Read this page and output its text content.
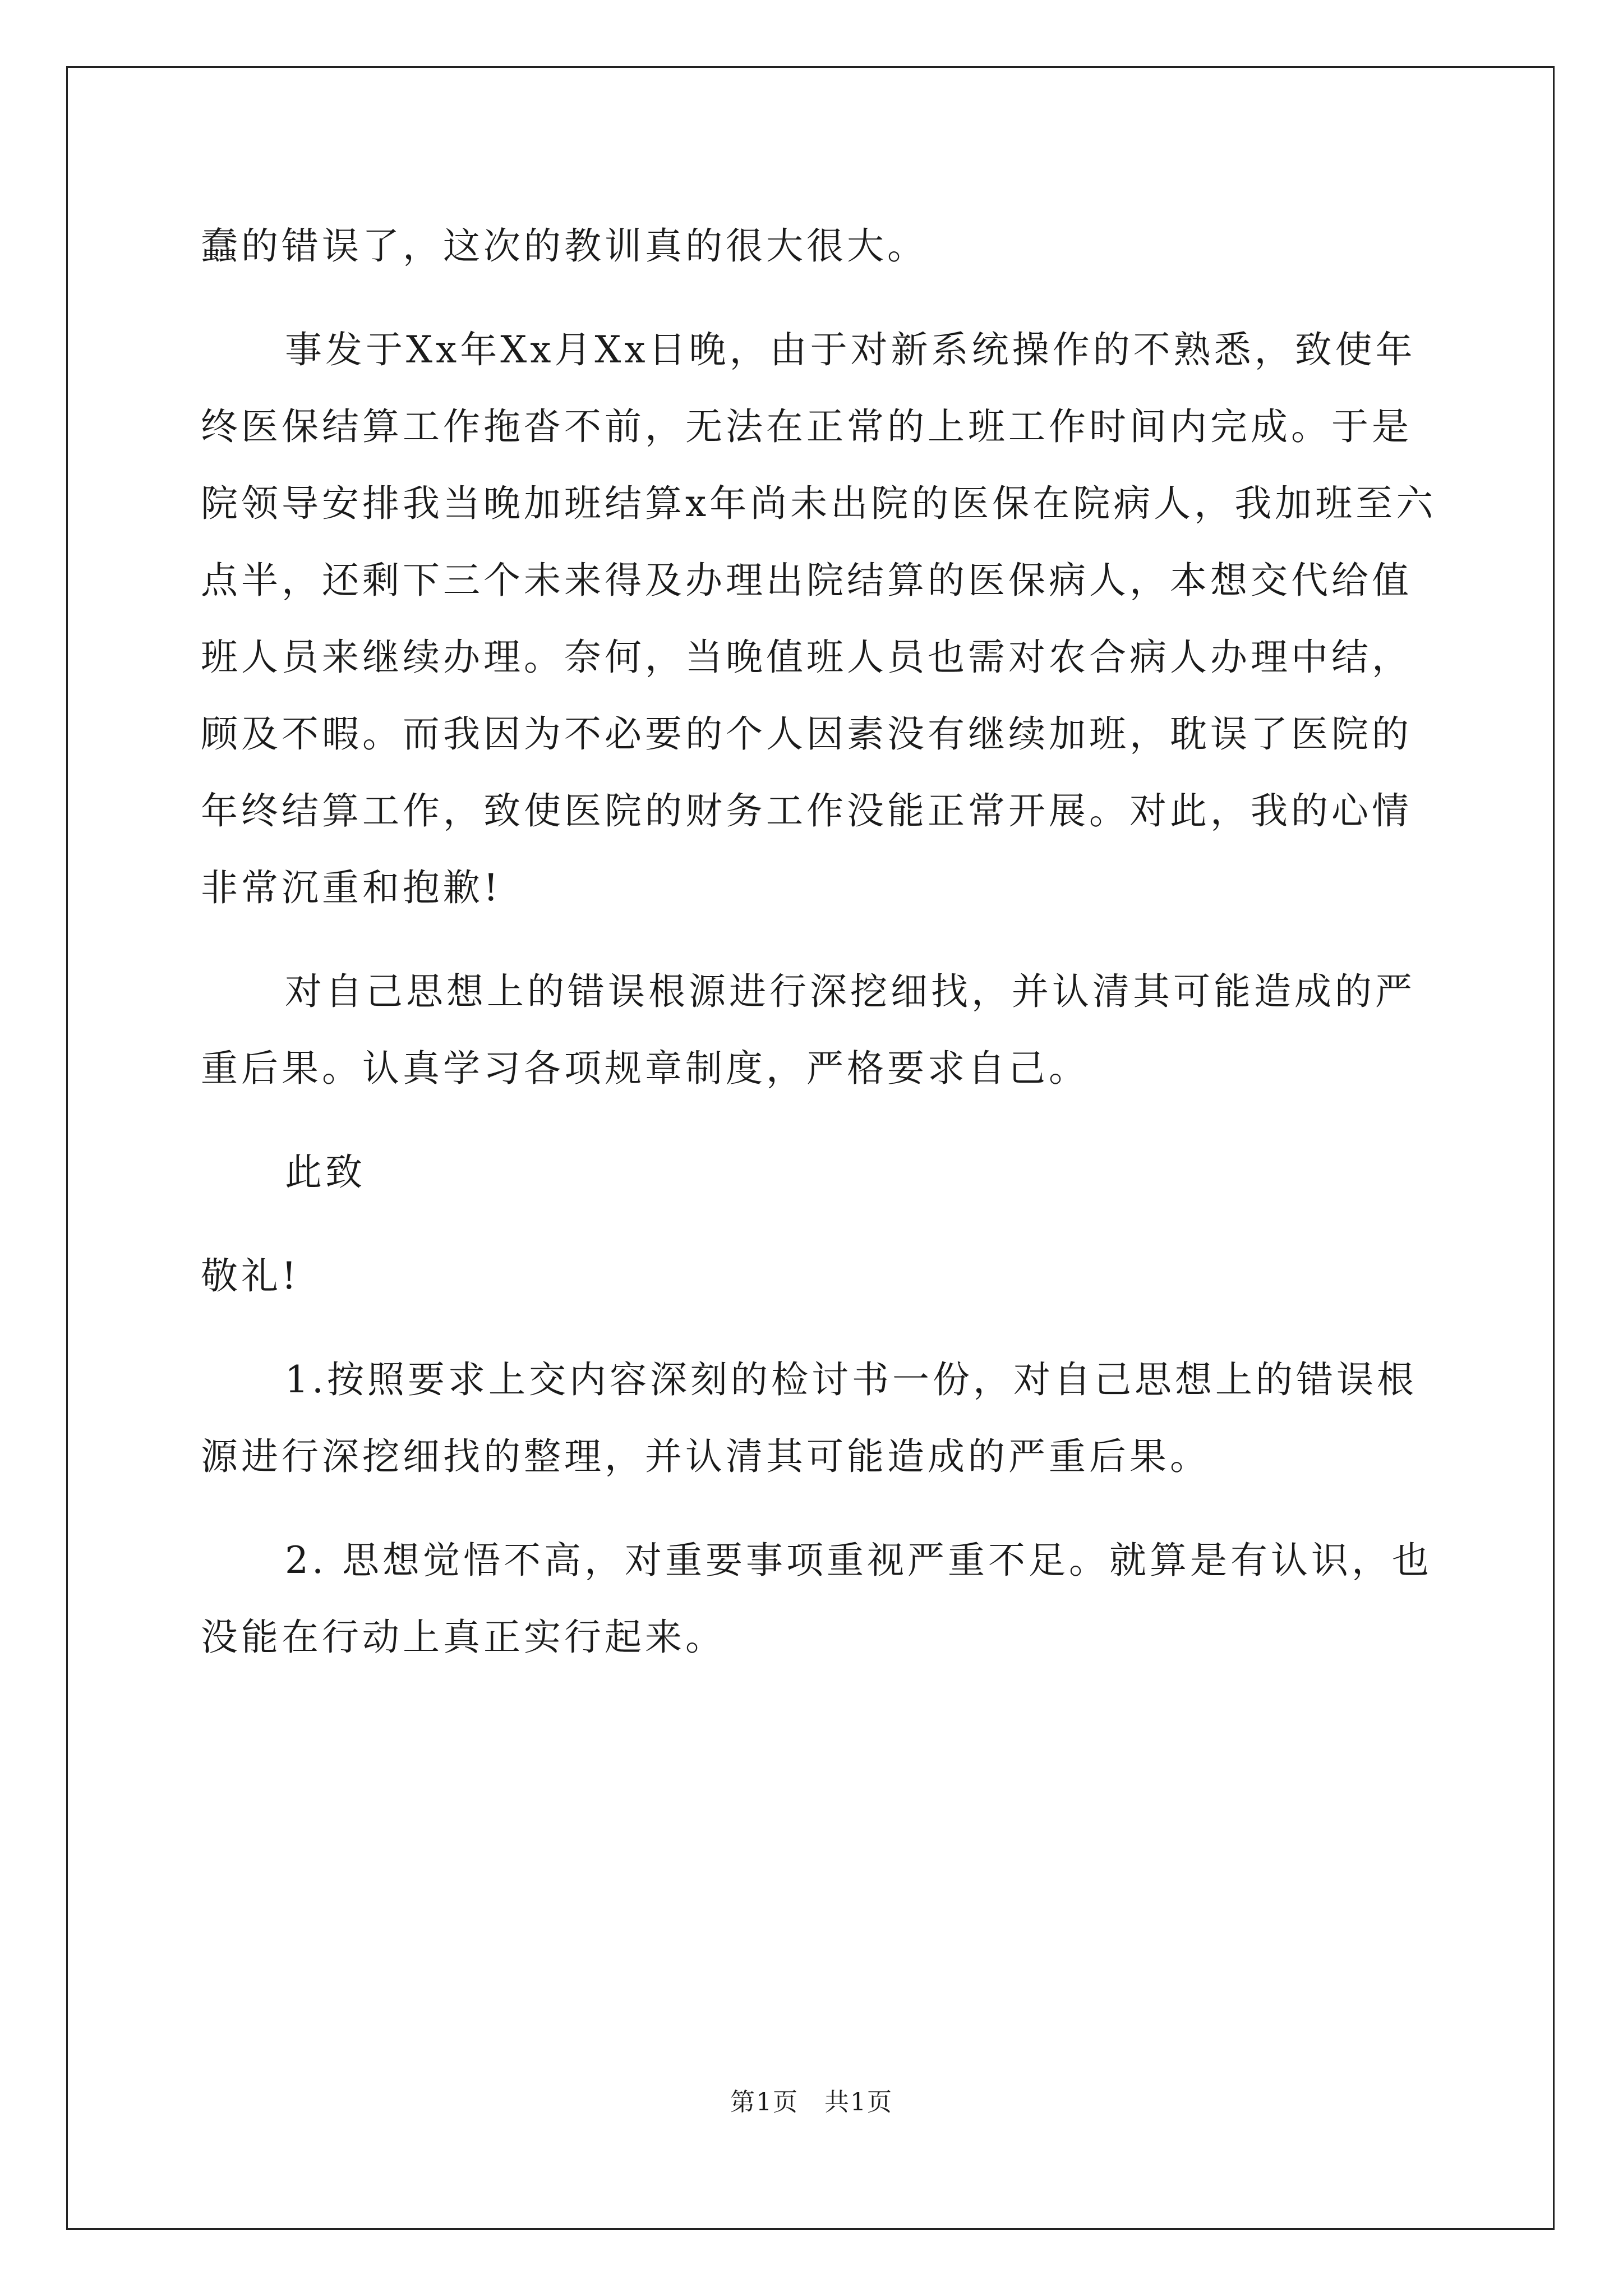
蠢的错误了，这次的教训真的很大很大。

事发于Xx年Xx月Xx日晚，由于对新系统操作的不熟悉，致使年终医保结算工作拖沓不前，无法在正常的上班工作时间内完成。于是院领导安排我当晚加班结算x年尚未出院的医保在院病人，我加班至六点半，还剩下三个未来得及办理出院结算的医保病人，本想交代给值班人员来继续办理。奈何，当晚值班人员也需对农合病人办理中结，顾及不暇。而我因为不必要的个人因素没有继续加班，耽误了医院的年终结算工作，致使医院的财务工作没能正常开展。对此，我的心情非常沉重和抱歉!

对自己思想上的错误根源进行深挖细找，并认清其可能造成的严重后果。认真学习各项规章制度，严格要求自己。

此致

敬礼!

1.按照要求上交内容深刻的检讨书一份，对自己思想上的错误根源进行深挖细找的整理，并认清其可能造成的严重后果。

2. 思想觉悟不高，对重要事项重视严重不足。就算是有认识，也没能在行动上真正实行起来。

第1页　共1页
